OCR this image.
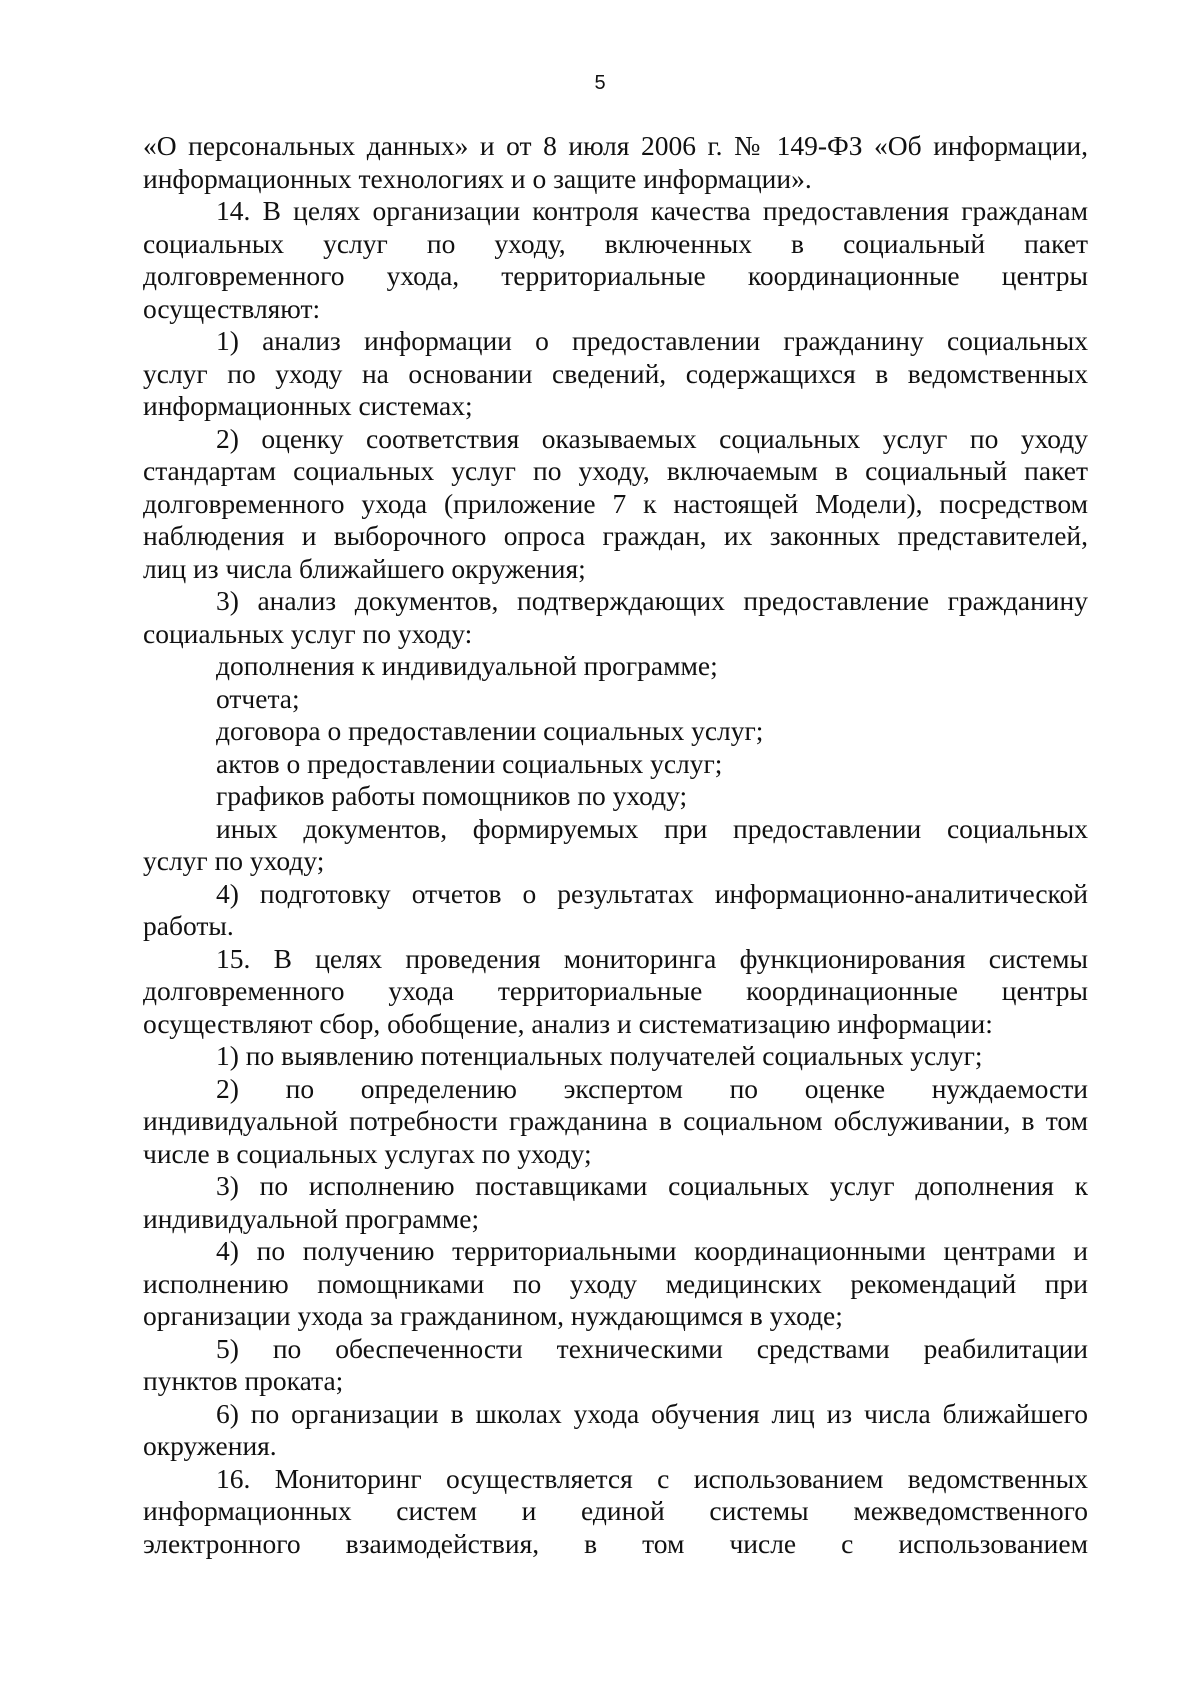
5
«О персональных данных» и от 8 июля 2006 г. № 149-ФЗ «Об информации,
информационных технологиях и о защите информации».
14. В целях организации контроля качества предоставления гражданам
социальных услуг по уходу, включенных в социальный пакет
долговременного ухода, территориальные координационные центры
осуществляют:
1) анализ информации о предоставлении гражданину социальных
услуг по уходу на основании сведений, содержащихся в ведомственных
информационных системах;
2) оценку соответствия оказываемых социальных услуг по уходу
стандартам социальных услуг по уходу, включаемым в социальный пакет
долговременного ухода (приложение 7 к настоящей Модели), посредством
наблюдения и выборочного опроса граждан, их законных представителей,
лиц из числа ближайшего окружения;
3) анализ документов, подтверждающих предоставление гражданину
социальных услуг по уходу:
дополнения к индивидуальной программе;
отчета;
договора о предоставлении социальных услуг;
актов о предоставлении социальных услуг;
графиков работы помощников по уходу;
иных документов, формируемых при предоставлении социальных
услуг по уходу;
4) подготовку отчетов о результатах информационно-аналитической
работы.
15. В целях проведения мониторинга функционирования системы
долговременного ухода территориальные координационные центры
осуществляют сбор, обобщение, анализ и систематизацию информации:
1) по выявлению потенциальных получателей социальных услуг;
2) по определению экспертом по оценке нуждаемости
индивидуальной потребности гражданина в социальном обслуживании, в том
числе в социальных услугах по уходу;
3) по исполнению поставщиками социальных услуг дополнения к
индивидуальной программе;
4) по получению территориальными координационными центрами и
исполнению помощниками по уходу медицинских рекомендаций при
организации ухода за гражданином, нуждающимся в уходе;
5) по обеспеченности техническими средствами реабилитации
пунктов проката;
6) по организации в школах ухода обучения лиц из числа ближайшего
окружения.
16. Мониторинг осуществляется с использованием ведомственных
информационных систем и единой системы межведомственного
электронного взаимодействия, в том числе с использованием
